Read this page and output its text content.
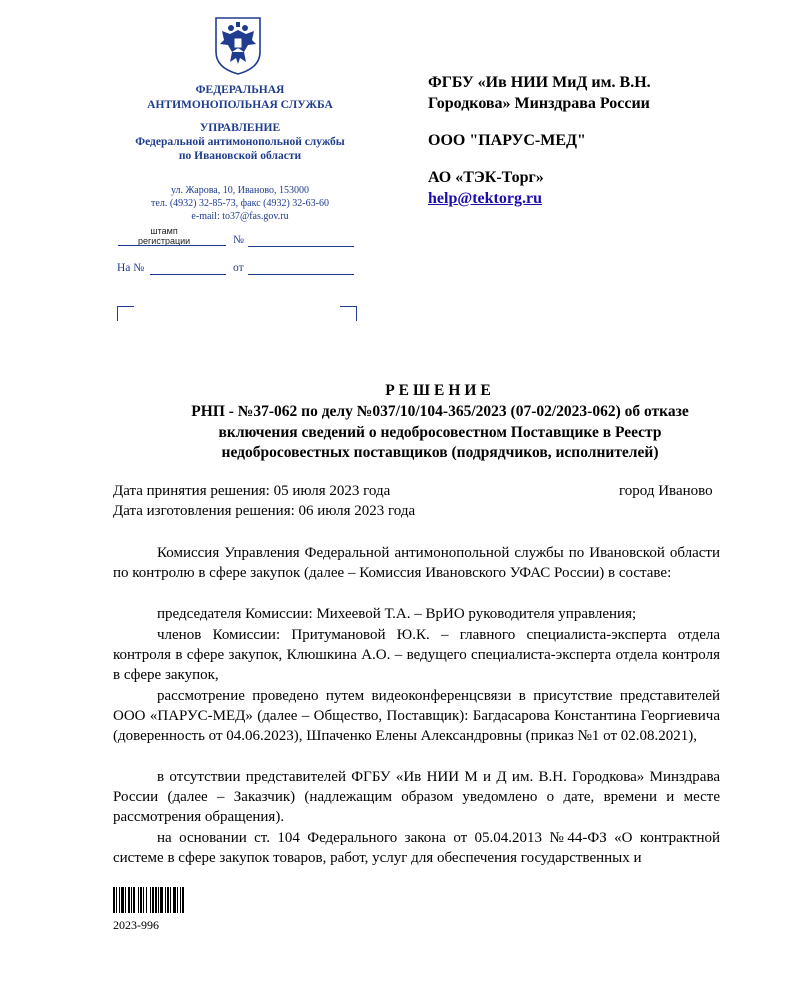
ФЕДЕРАЛЬНАЯ
АНТИМОНОПОЛЬНАЯ СЛУЖБА
УПРАВЛЕНИЕ
Федеральной антимонопольной службы
по Ивановской области
ул. Жарова, 10, Иваново, 153000
тел. (4932) 32-85-73, факс (4932) 32-63-60
e-mail: to37@fas.gov.ru
штамп
регистрации	№
На №	от
ФГБУ «Ив НИИ МиД им. В.Н.
Городкова» Минздрава России
ООО "ПАРУС-МЕД"
АО «ТЭК-Торг»
help@tektorg.ru
РЕШЕНИЕ
РНП - №37-062 по делу №037/10/104-365/2023 (07-02/2023-062) об отказе
включения сведений о недобросовестном Поставщике в Реестр
недобросовестных поставщиков (подрядчиков, исполнителей)
Дата принятия решения: 05 июля 2023 года	город Иваново
Дата изготовления решения: 06 июля 2023 года
Комиссия Управления Федеральной антимонопольной службы по Ивановской области по контролю в сфере закупок (далее – Комиссия Ивановского УФАС России) в составе:
председателя Комиссии: Михеевой Т.А. – ВрИО руководителя управления;
членов Комиссии: Притумановой Ю.К. – главного специалиста-эксперта отдела контроля в сфере закупок, Клюшкина А.О. – ведущего специалиста-эксперта отдела контроля в сфере закупок,
рассмотрение проведено путем видеоконференцсвязи в присутствие представителей ООО «ПАРУС-МЕД» (далее – Общество, Поставщик): Багдасарова Константина Георгиевича (доверенность от 04.06.2023), Шпаченко Елены Александровны (приказ №1 от 02.08.2021),
в отсутствии представителей ФГБУ «Ив НИИ М и Д им. В.Н. Городкова» Минздрава России (далее – Заказчик) (надлежащим образом уведомлено о дате, времени и месте рассмотрения обращения).
на основании ст. 104 Федерального закона от 05.04.2013 №44-ФЗ «О контрактной системе в сфере закупок товаров, работ, услуг для обеспечения государственных и
2023-996
